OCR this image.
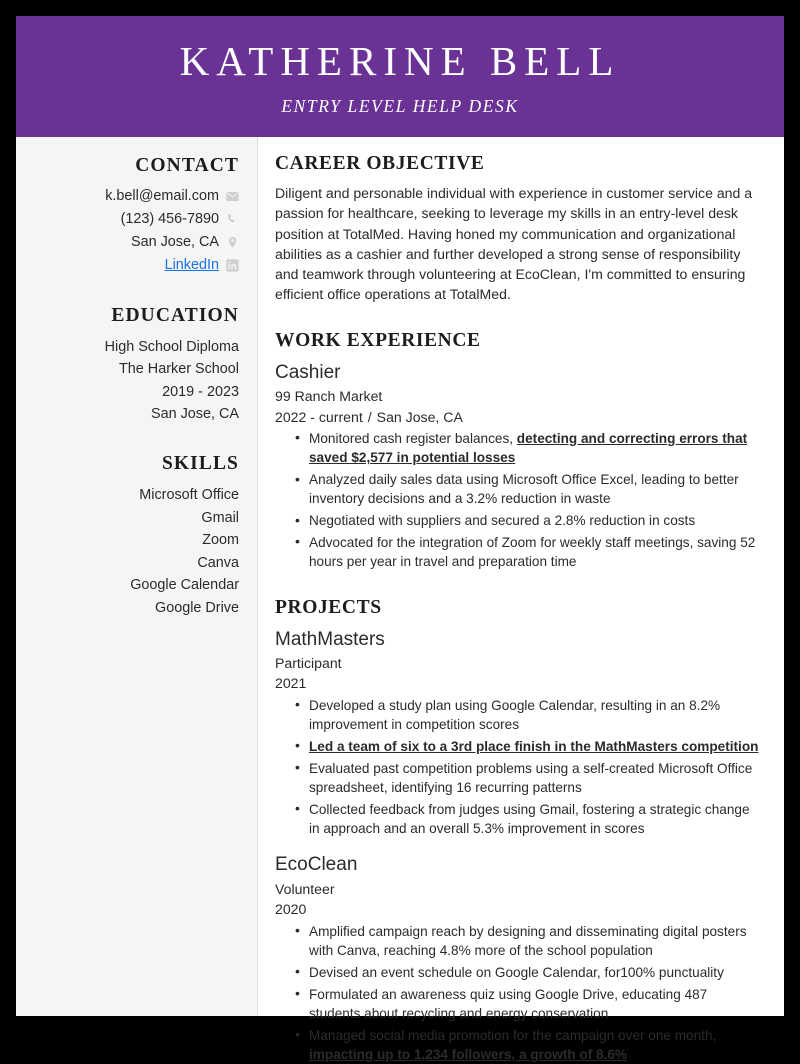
KATHERINE BELL
ENTRY LEVEL HELP DESK
CONTACT
k.bell@email.com
(123) 456-7890
San Jose, CA
LinkedIn
EDUCATION
High School Diploma
The Harker School
2019 - 2023
San Jose, CA
SKILLS
Microsoft Office
Gmail
Zoom
Canva
Google Calendar
Google Drive
CAREER OBJECTIVE

Diligent and personable individual with experience in customer service and a passion for healthcare, seeking to leverage my skills in an entry-level desk position at TotalMed. Having honed my communication and organizational abilities as a cashier and further developed a strong sense of responsibility and teamwork through volunteering at EcoClean, I'm committed to ensuring efficient office operations at TotalMed.

WORK EXPERIENCE
Cashier
99 Ranch Market
2022 - current / San Jose, CA
• Monitored cash register balances, detecting and correcting errors that saved $2,577 in potential losses
• Analyzed daily sales data using Microsoft Office Excel, leading to better inventory decisions and a 3.2% reduction in waste
• Negotiated with suppliers and secured a 2.8% reduction in costs
• Advocated for the integration of Zoom for weekly staff meetings, saving 52 hours per year in travel and preparation time
PROJECTS
MathMasters
Participant
2021
• Developed a study plan using Google Calendar, resulting in an 8.2% improvement in competition scores
• Led a team of six to a 3rd place finish in the MathMasters competition
• Evaluated past competition problems using a self-created Microsoft Office spreadsheet, identifying 16 recurring patterns
• Collected feedback from judges using Gmail, fostering a strategic change in approach and an overall 5.3% improvement in scores
EcoClean
Volunteer
2020
• Amplified campaign reach by designing and disseminating digital posters with Canva, reaching 4.8% more of the school population
• Devised an event schedule on Google Calendar, for100% punctuality
• Formulated an awareness quiz using Google Drive, educating 487 students about recycling and energy conservation
• Managed social media promotion for the campaign over one month, impacting up to 1,234 followers, a growth of 8.6%
